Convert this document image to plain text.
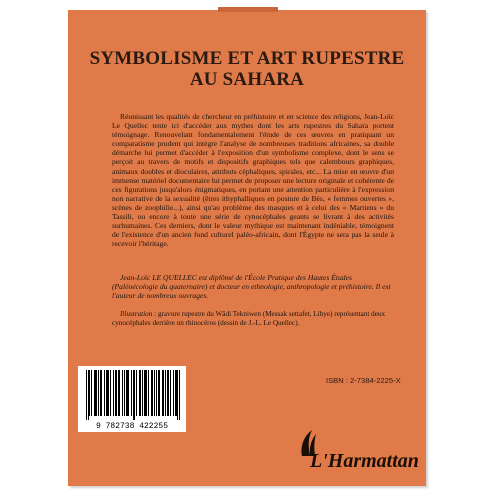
SYMBOLISME ET ART RUPESTRE
AU SAHARA

Réunissant les qualités de chercheur en préhistoire et en science des religions, Jean-Loïc Le Quellec tente ici d'accéder aux mythes dont les arts rupestres du Sahara portent témoignage. Renouvelant fondamentalement l'étude de ces œuvres en pratiquant un comparatisme prudent qui intègre l'analyse de nombreuses traditions africaines, sa double démarche lui permet d'accéder à l'exposition d'un symbolisme complexe, dont le sens se perçoit au travers de motifs et dispositifs graphiques tels que calembours graphiques, animaux doubles et dioculaires, attributs céphaliques, spirales, etc... La mise en œuvre d'un immense matériel documentaire lui permet de proposer une lecture originale et cohérente de ces figurations jusqu'alors énigmatiques, en portant une attention particulière à l'expression non narrative de la sexualité (êtres ithyphalliques en posture de Bès, « femmes ouvertes », scènes de zoophilie...), ainsi qu'au problème des masques et à celui des « Martiens » du Tassili, ou encore à toute une série de cynocéphales geants se livrant à des activités surhumaines. Ces derniers, dont le valeur mythique est maintenant indéniable, témoignent de l'existence d'un ancien fond culturel paléo-africain, dont l'Égypte ne sera pas la seule à recevoir l'héritage.

Jean-Loïc LE QUELLEC est diplômé de l'École Pratique des Hautes Études (Paléoécologie du quaternaire) et docteur en ethnologie, anthropologie et préhistoire. Il est l'auteur de nombreux ouvrages.

Illustration : gravure rupestre du Wâdi Tekniwen (Messak settafet, Libye) représentant deux cynocéphales derrière un rhinocéros (dessin de J.-L. Le Quellec).

9 782738 422255
ISBN : 2-7384-2225-X
L'Harmattan
